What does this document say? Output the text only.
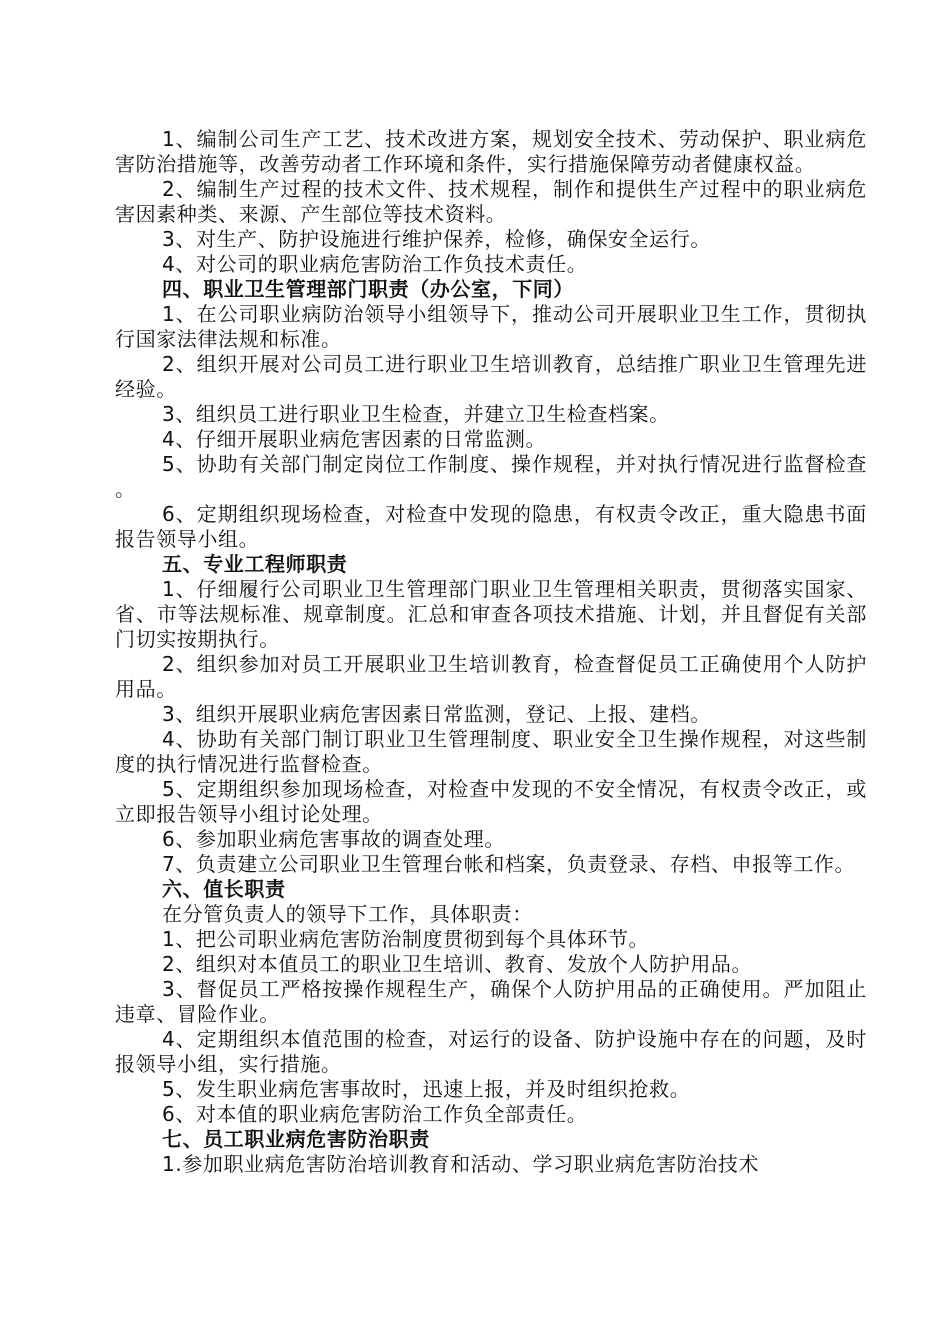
1、编制公司生产工艺、技术改进方案，规划安全技术、劳动保护、职业病危害防治措施等，改善劳动者工作环境和条件，实行措施保障劳动者健康权益。

2、编制生产过程的技术文件、技术规程，制作和提供生产过程中的职业病危害因素种类、来源、产生部位等技术资料。

3、对生产、防护设施进行维护保养，检修，确保安全运行。

4、对公司的职业病危害防治工作负技术责任。

四、职业卫生管理部门职责（办公室，下同）

1、在公司职业病防治领导小组领导下，推动公司开展职业卫生工作，贯彻执行国家法律法规和标准。

2、组织开展对公司员工进行职业卫生培训教育，总结推广职业卫生管理先进经验。

3、组织员工进行职业卫生检查，并建立卫生检查档案。

4、仔细开展职业病危害因素的日常监测。

5、协助有关部门制定岗位工作制度、操作规程，并对执行情况进行监督检查。

6、定期组织现场检查，对检查中发现的隐患，有权责令改正，重大隐患书面报告领导小组。

五、专业工程师职责

1、仔细履行公司职业卫生管理部门职业卫生管理相关职责，贯彻落实国家、省、市等法规标准、规章制度。汇总和审查各项技术措施、计划，并且督促有关部门切实按期执行。

2、组织参加对员工开展职业卫生培训教育，检查督促员工正确使用个人防护用品。

3、组织开展职业病危害因素日常监测，登记、上报、建档。

4、协助有关部门制订职业卫生管理制度、职业安全卫生操作规程，对这些制度的执行情况进行监督检查。

5、定期组织参加现场检查，对检查中发现的不安全情况，有权责令改正，或立即报告领导小组讨论处理。

6、参加职业病危害事故的调查处理。

7、负责建立公司职业卫生管理台帐和档案，负责登录、存档、申报等工作。

六、值长职责

在分管负责人的领导下工作，具体职责：

1、把公司职业病危害防治制度贯彻到每个具体环节。

2、组织对本值员工的职业卫生培训、教育、发放个人防护用品。

3、督促员工严格按操作规程生产，确保个人防护用品的正确使用。严加阻止违章、冒险作业。

4、定期组织本值范围的检查，对运行的设备、防护设施中存在的问题，及时报领导小组，实行措施。

5、发生职业病危害事故时，迅速上报，并及时组织抢救。

6、对本值的职业病危害防治工作负全部责任。

七、员工职业病危害防治职责

1.参加职业病危害防治培训教育和活动、学习职业病危害防治技术
